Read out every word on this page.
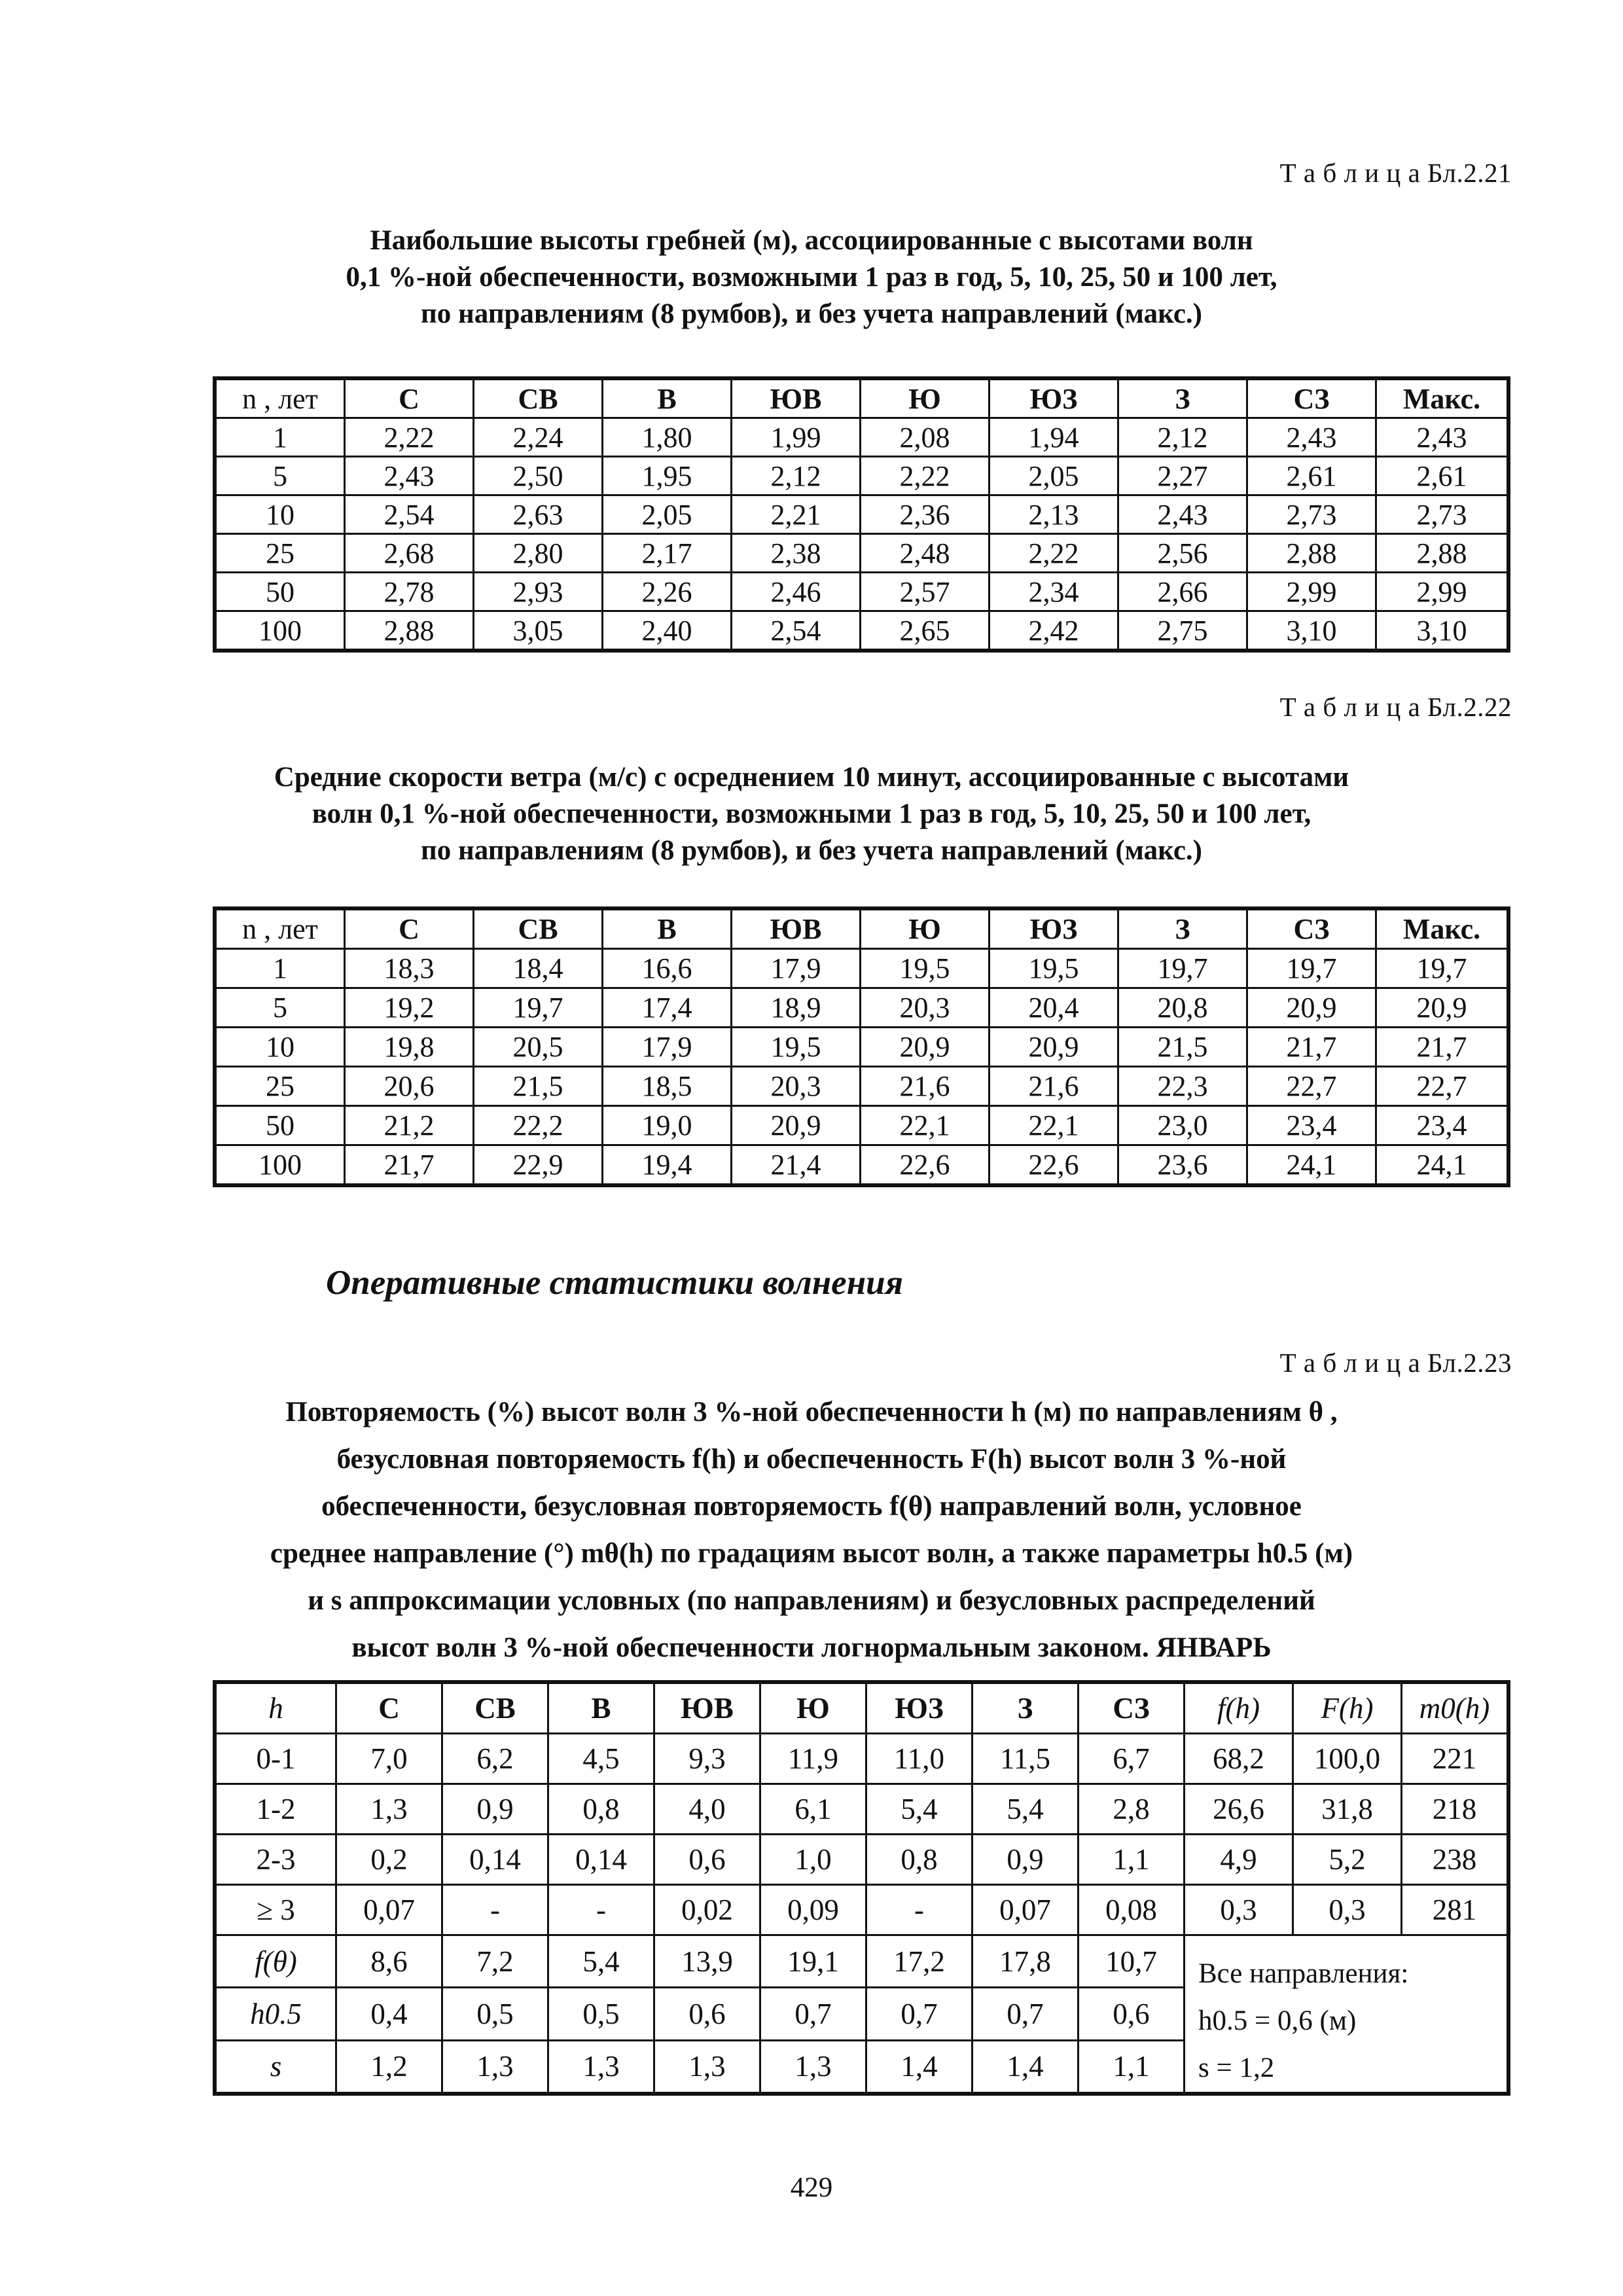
Т а б л и ц а Бл.2.21
Наибольшие высоты гребней (м), ассоциированные с высотами волн
0,1 %-ной обеспеченности, возможными 1 раз в год, 5, 10, 25, 50 и 100 лет,
по направлениям (8 румбов), и без учета направлений (макс.)
n , лет	С	СВ	В	ЮВ	Ю	ЮЗ	З	СЗ	Макс.
1	2,22	2,24	1,80	1,99	2,08	1,94	2,12	2,43	2,43
5	2,43	2,50	1,95	2,12	2,22	2,05	2,27	2,61	2,61
10	2,54	2,63	2,05	2,21	2,36	2,13	2,43	2,73	2,73
25	2,68	2,80	2,17	2,38	2,48	2,22	2,56	2,88	2,88
50	2,78	2,93	2,26	2,46	2,57	2,34	2,66	2,99	2,99
100	2,88	3,05	2,40	2,54	2,65	2,42	2,75	3,10	3,10
Т а б л и ц а Бл.2.22
Средние скорости ветра (м/с) с осреднением 10 минут, ассоциированные с высотами
волн 0,1 %-ной обеспеченности, возможными 1 раз в год, 5, 10, 25, 50 и 100 лет,
по направлениям (8 румбов), и без учета направлений (макс.)
n , лет	С	СВ	В	ЮВ	Ю	ЮЗ	З	СЗ	Макс.
1	18,3	18,4	16,6	17,9	19,5	19,5	19,7	19,7	19,7
5	19,2	19,7	17,4	18,9	20,3	20,4	20,8	20,9	20,9
10	19,8	20,5	17,9	19,5	20,9	20,9	21,5	21,7	21,7
25	20,6	21,5	18,5	20,3	21,6	21,6	22,3	22,7	22,7
50	21,2	22,2	19,0	20,9	22,1	22,1	23,0	23,4	23,4
100	21,7	22,9	19,4	21,4	22,6	22,6	23,6	24,1	24,1
Оперативные статистики волнения
Т а б л и ц а Бл.2.23
Повторяемость (%) высот волн 3 %-ной обеспеченности h (м) по направлениям θ ,
безусловная повторяемость f(h) и обеспеченность F(h) высот волн 3 %-ной
обеспеченности, безусловная повторяемость f(θ) направлений волн, условное
среднее направление (°) mθ(h) по градациям высот волн, а также параметры h0.5 (м)
и s аппроксимации условных (по направлениям) и безусловных распределений
высот волн 3 %-ной обеспеченности логнормальным законом. ЯНВАРЬ
h	С	СВ	В	ЮВ	Ю	ЮЗ	З	СЗ	f(h)	F(h)	m0(h)
0-1	7,0	6,2	4,5	9,3	11,9	11,0	11,5	6,7	68,2	100,0	221
1-2	1,3	0,9	0,8	4,0	6,1	5,4	5,4	2,8	26,6	31,8	218
2-3	0,2	0,14	0,14	0,6	1,0	0,8	0,9	1,1	4,9	5,2	238
≥ 3	0,07	-	-	0,02	0,09	-	0,07	0,08	0,3	0,3	281
f(θ)	8,6	7,2	5,4	13,9	19,1	17,2	17,8	10,7	Все направления:
h0.5 = 0,6 (м)
s = 1,2		

h0.5	0,4	0,5	0,5	0,6	0,7	0,7	0,7	0,6			
s	1,2	1,3	1,3	1,3	1,3	1,4	1,4	1,1			
429
